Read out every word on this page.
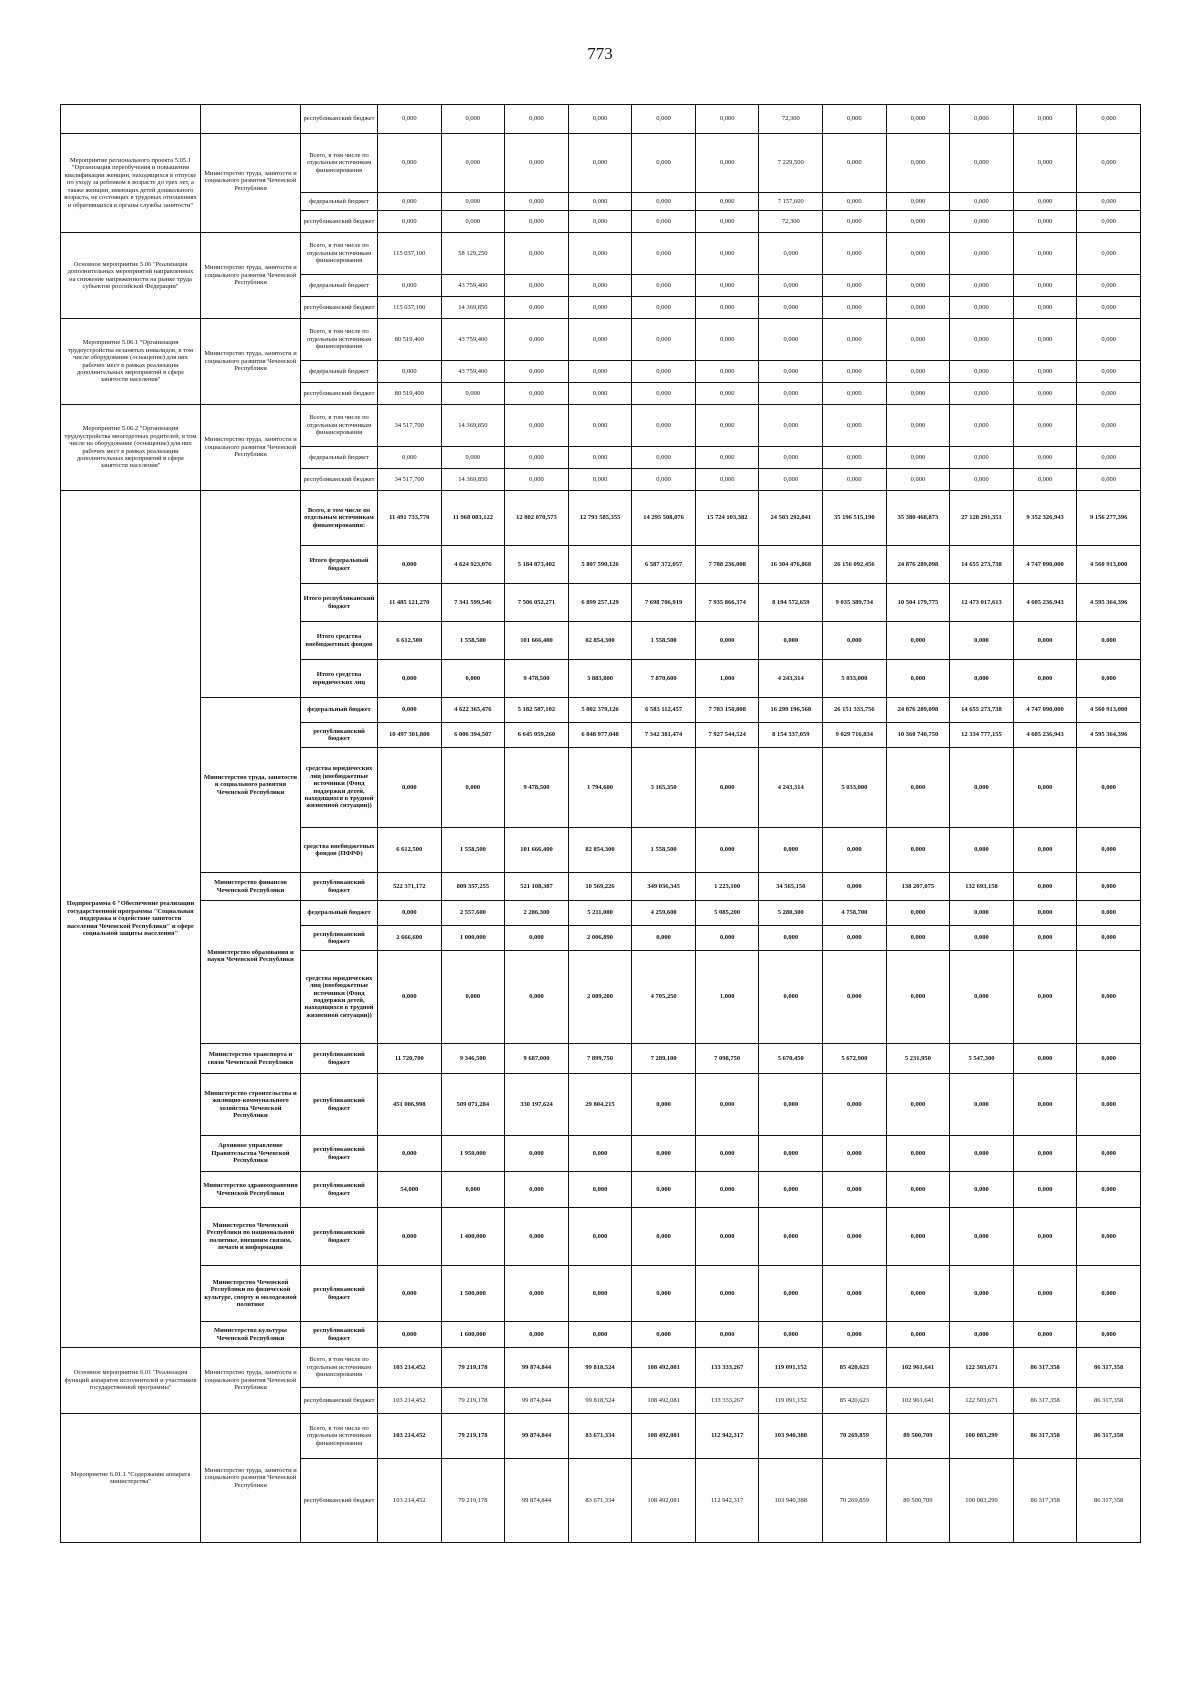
773
		республиканский бюджет	0,000	0,000	0,000	0,000	0,000	0,000	72,300	0,000	0,000	0,000	0,000	0,000
Мероприятие регионального проекта 5.05.1 "Организация переобучения и повышения квалификации женщин, находящихся в отпуске по уходу за ребенком в возрасте до трех лет, а также женщин, имеющих детей дошкольного возраста, не состоящих в трудовых отношениях и обратившихся в органы службы занятости"	Министерство труда, занятости и социального развития Чеченской Республики	Всего, в том числе по отдельным источникам финансирования	0,000	0,000	0,000	0,000	0,000	0,000	7 229,500	0,000	0,000	0,000	0,000	0,000
		федеральный бюджет	0,000	0,000	0,000	0,000	0,000	0,000	7 157,600	0,000	0,000	0,000	0,000	0,000
		республиканский бюджет	0,000	0,000	0,000	0,000	0,000	0,000	72,300	0,000	0,000	0,000	0,000	0,000
Основное мероприятие 5.06 "Реализация дополнительных мероприятий направленных на снижение напряженности на рынке труда субъектов российской Федерации"	Министерство труда, занятости и социального развития Чеченской Республики	Всего, в том числе по отдельным источникам финансирования	115 037,100	58 129,250	0,000	0,000	0,000	0,000	0,000	0,000	0,000	0,000	0,000	0,000
		федеральный бюджет	0,000	43 759,400	0,000	0,000	0,000	0,000	0,000	0,000	0,000	0,000	0,000	0,000
		республиканский бюджет	115 037,100	14 369,850	0,000	0,000	0,000	0,000	0,000	0,000	0,000	0,000	0,000	0,000
Мероприятие 5.06.1 "Организация трудоустройства незанятых инвалидов, в том числе оборудование (оснащение) для них рабочих мест в рамках реализации дополнительных мероприятий в сфере занятости населения"	Министерство труда, занятости и социального развития Чеченской Республики	Всего, в том числе по отдельным источникам финансирования	80 519,400	43 759,400	0,000	0,000	0,000	0,000	0,000	0,000	0,000	0,000	0,000	0,000
		федеральный бюджет	0,000	43 759,400	0,000	0,000	0,000	0,000	0,000	0,000	0,000	0,000	0,000	0,000
		республиканский бюджет	80 519,400	0,000	0,000	0,000	0,000	0,000	0,000	0,000	0,000	0,000	0,000	0,000
Мероприятие 5.06.2 "Организация трудоустройства многодетных родителей, в том числе на оборудование (оснащение) для них рабочих мест в рамках реализации дополнительных мероприятий в сфере занятости населения"	Министерство труда, занятости и социального развития Чеченской Республики	Всего, в том числе по отдельным источникам финансирования	34 517,700	14 369,850	0,000	0,000	0,000	0,000	0,000	0,000	0,000	0,000	0,000	0,000
		федеральный бюджет	0,000	0,000	0,000	0,000	0,000	0,000	0,000	0,000	0,000	0,000	0,000	0,000
		республиканский бюджет	34 517,700	14 369,850	0,000	0,000	0,000	0,000	0,000	0,000	0,000	0,000	0,000	0,000
Подпрограмма 6 "Обеспечение реализации государственной программы "Социальная поддержка и содействие занятости населения Чеченской Республики" и сфере социальной защиты населения"		Всего, в том числе по отдельным источникам финансирования:	11 491 733,770	11 968 083,122	12 802 070,573	12 793 585,355	14 295 508,076	15 724 103,382	24 503 292,841	35 196 515,190	35 380 468,873	27 128 291,351	9 352 326,943	9 156 277,396
		Итого федеральный бюджет	0,000	4 624 923,076	5 184 873,402	5 807 590,126	6 587 372,057	7 788 236,008	16 304 476,868	26 156 092,456	24 876 289,098	14 655 273,738	4 747 090,000	4 560 913,000
		Итого республиканский бюджет	11 485 121,270	7 341 599,546	7 506 052,271	6 899 257,129	7 698 706,919	7 935 866,374	8 194 572,659	9 035 389,734	10 504 179,775	12 473 017,613	4 605 236,943	4 595 364,396
		Итого средства внебюджетных фондов	6 612,500	1 558,500	101 666,400	82 854,300	1 558,500	0,000	0,000	0,000	0,000	0,000	0,000	0,000
		Итого средства юридических лиц	0,000	0,000	9 478,500	3 883,800	7 870,600	1,000	4 243,314	5 033,000	0,000	0,000	0,000	0,000
	Министерство труда, занятости и социального развития Чеченской Республики	федеральный бюджет	0,000	4 622 365,476	5 182 587,102	5 802 379,126	6 583 112,457	7 783 150,808	16 299 196,568	26 151 333,756	24 876 289,098	14 655 273,738	4 747 090,000	4 560 913,000
		республиканский бюджет	10 497 301,800	6 006 394,507	6 645 059,260	6 848 977,048	7 342 381,474	7 927 544,524	8 154 337,059	9 029 716,834	10 360 740,750	12 334 777,155	4 605 236,943	4 595 364,396
		средства юридических лиц (внебюджетные источники (Фонд поддержки детей, находящихся в трудной жизненной ситуации))	0,000	0,000	9 478,500	1 794,600	3 165,350	0,000	4 243,314	5 033,000	0,000	0,000	0,000	0,000
		средства внебюджетных фондов (ПФРФ)	6 612,500	1 558,500	101 666,400	82 854,300	1 558,500	0,000	0,000	0,000	0,000	0,000	0,000	0,000
	Министерство финансов Чеченской Республики	республиканский бюджет	522 371,172	809 357,255	521 108,387	10 569,226	349 036,345	1 223,100	34 565,150	0,000	138 207,075	132 693,158	0,000	0,000
	Министерство образования и науки Чеченской Республики	федеральный бюджет	0,000	2 557,600	2 286,300	5 211,000	4 259,600	5 085,200	5 280,300	4 758,700	0,000	0,000	0,000	0,000
		республиканский бюджет	2 666,600	1 000,000	0,000	2 006,890	0,000	0,000	0,000	0,000	0,000	0,000	0,000	0,000
		средства юридических лиц (внебюджетные источники (Фонд поддержки детей, находящихся в трудной жизненной ситуации))	0,000	0,000	0,000	2 089,200	4 705,250	1,000	0,000	0,000	0,000	0,000	0,000	0,000
	Министерство транспорта и связи Чеченской Республики	республиканский бюджет	11 720,700	9 346,500	9 687,000	7 899,750	7 289,100	7 098,750	5 670,450	5 672,900	5 231,950	5 547,300	0,000	0,000
	Министерство строительства и жилищно-коммунального хозяйства Чеченской Республики	республиканский бюджет	451 006,998	509 071,284	330 197,624	29 804,215	0,000	0,000	0,000	0,000	0,000	0,000	0,000	0,000
	Архивное управление Правительства Чеченской Республики	республиканский бюджет	0,000	1 950,000	0,000	0,000	0,000	0,000	0,000	0,000	0,000	0,000	0,000	0,000
	Министерство здравоохранения Чеченской Республики	республиканский бюджет	54,000	0,000	0,000	0,000	0,000	0,000	0,000	0,000	0,000	0,000	0,000	0,000
	Министерство Чеченской Республики по национальной политике, внешним связям, печати и информации	республиканский бюджет	0,000	1 400,000	0,000	0,000	0,000	0,000	0,000	0,000	0,000	0,000	0,000	0,000
	Министерство Чеченской Республики по физической культуре, спорту и молодежной политике	республиканский бюджет	0,000	1 500,000	0,000	0,000	0,000	0,000	0,000	0,000	0,000	0,000	0,000	0,000
	Министерство культуры Чеченской Республики	республиканский бюджет	0,000	1 600,000	0,000	0,000	0,000	0,000	0,000	0,000	0,000	0,000	0,000	0,000
Основное мероприятие 6.01 "Реализация функций аппаратов исполнителей и участников государственной программы"	Министерство труда, занятости и социального развития Чеченской Республики	Всего, в том числе по отдельным источникам финансирования	103 214,452	79 219,178	99 874,844	99 818,524	108 492,081	133 333,267	119 091,152	85 420,623	102 961,641	122 503,671	86 317,358	86 317,358
		республиканский бюджет	103 214,452	79 219,178	99 874,844	99 818,524	108 492,081	133 333,267	119 091,152	85 420,623	102 961,641	122 503,671	86 317,358	86 317,358
Мероприятие 6.01.1 "Содержание аппарата министерства"	Министерство труда, занятости и социального развития Чеченской Республики	Всего, в том числе по отдельным источникам финансирования	103 214,452	79 219,178	99 874,844	83 671,334	108 492,081	112 942,317	103 940,388	70 269,859	89 500,709	100 083,299	86 317,358	86 317,358
		республиканский бюджет	103 214,452	79 219,178	99 874,844	83 671,334	108 492,081	112 942,317	103 940,388	70 269,859	89 500,709	100 083,299	86 317,358	86 317,358
